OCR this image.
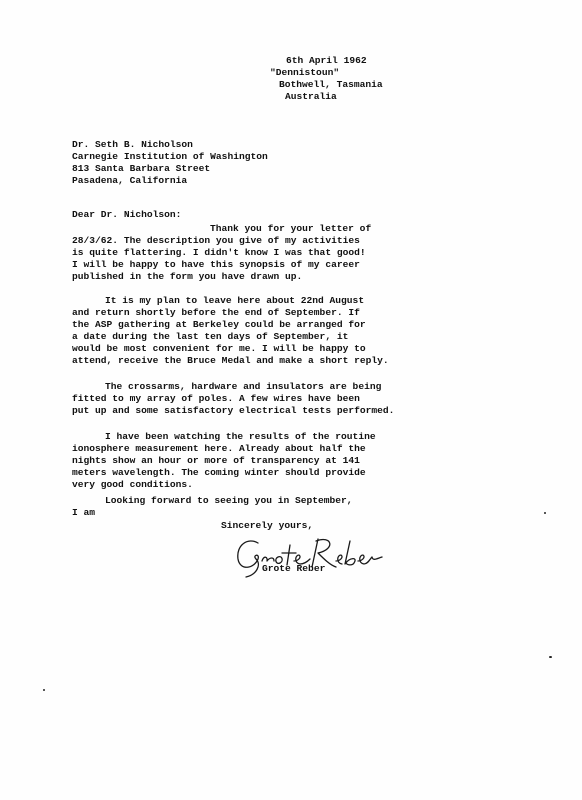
6th April 1962
"Dennistoun"
Bothwell, Tasmania
Australia
Dr. Seth B. Nicholson
Carnegie Institution of Washington
813 Santa Barbara Street
Pasadena, California
Dear Dr. Nicholson:
Thank you for your letter of
28/3/62. The description you give of my activities
is quite flattering. I didn't know I was that good!
I will be happy to have this synopsis of my career
published in the form you have drawn up.
It is my plan to leave here about 22nd August
and return shortly before the end of September. If
the ASP gathering at Berkeley could be arranged for
a date during the last ten days of September, it
would be most convenient for me. I will be happy to
attend, receive the Bruce Medal and make a short reply.
The crossarms, hardware and insulators are being
fitted to my array of poles. A few wires have been
put up and some satisfactory electrical tests performed.
I have been watching the results of the routine
ionosphere measurement here. Already about half the
nights show an hour or more of transparency at 141
meters wavelength. The coming winter should provide
very good conditions.
Looking forward to seeing you in September,
I am
Sincerely yours,
Grote Reber
